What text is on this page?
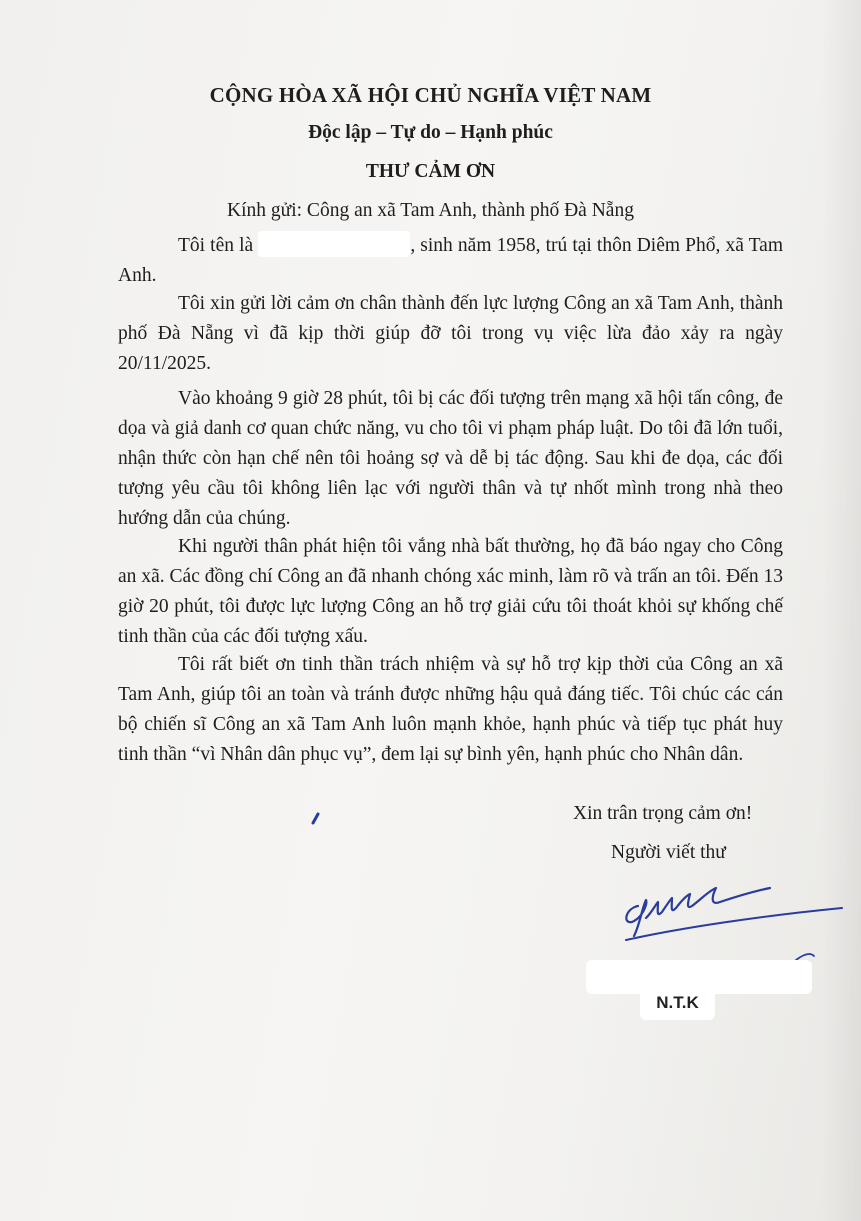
CỘNG HÒA XÃ HỘI CHỦ NGHĨA VIỆT NAM
Độc lập – Tự do – Hạnh phúc
THƯ CẢM ƠN
Kính gửi: Công an xã Tam Anh, thành phố Đà Nẵng
Tôi tên là	, sinh năm 1958, trú tại thôn Diêm Phổ, xã Tam Anh.
Tôi xin gửi lời cảm ơn chân thành đến lực lượng Công an xã Tam Anh, thành phố Đà Nẵng vì đã kịp thời giúp đỡ tôi trong vụ việc lừa đảo xảy ra ngày 20/11/2025.
Vào khoảng 9 giờ 28 phút, tôi bị các đối tượng trên mạng xã hội tấn công, đe dọa và giả danh cơ quan chức năng, vu cho tôi vi phạm pháp luật. Do tôi đã lớn tuổi, nhận thức còn hạn chế nên tôi hoảng sợ và dễ bị tác động. Sau khi đe dọa, các đối tượng yêu cầu tôi không liên lạc với người thân và tự nhốt mình trong nhà theo hướng dẫn của chúng.
Khi người thân phát hiện tôi vắng nhà bất thường, họ đã báo ngay cho Công an xã. Các đồng chí Công an đã nhanh chóng xác minh, làm rõ và trấn an tôi. Đến 13 giờ 20 phút, tôi được lực lượng Công an hỗ trợ giải cứu tôi thoát khỏi sự khống chế tinh thần của các đối tượng xấu.
Tôi rất biết ơn tinh thần trách nhiệm và sự hỗ trợ kịp thời của Công an xã Tam Anh, giúp tôi an toàn và tránh được những hậu quả đáng tiếc. Tôi chúc các cán bộ chiến sĩ Công an xã Tam Anh luôn mạnh khỏe, hạnh phúc và tiếp tục phát huy tinh thần “vì Nhân dân phục vụ”, đem lại sự bình yên, hạnh phúc cho Nhân dân.
Xin trân trọng cảm ơn!
Người viết thư
N.T.K
